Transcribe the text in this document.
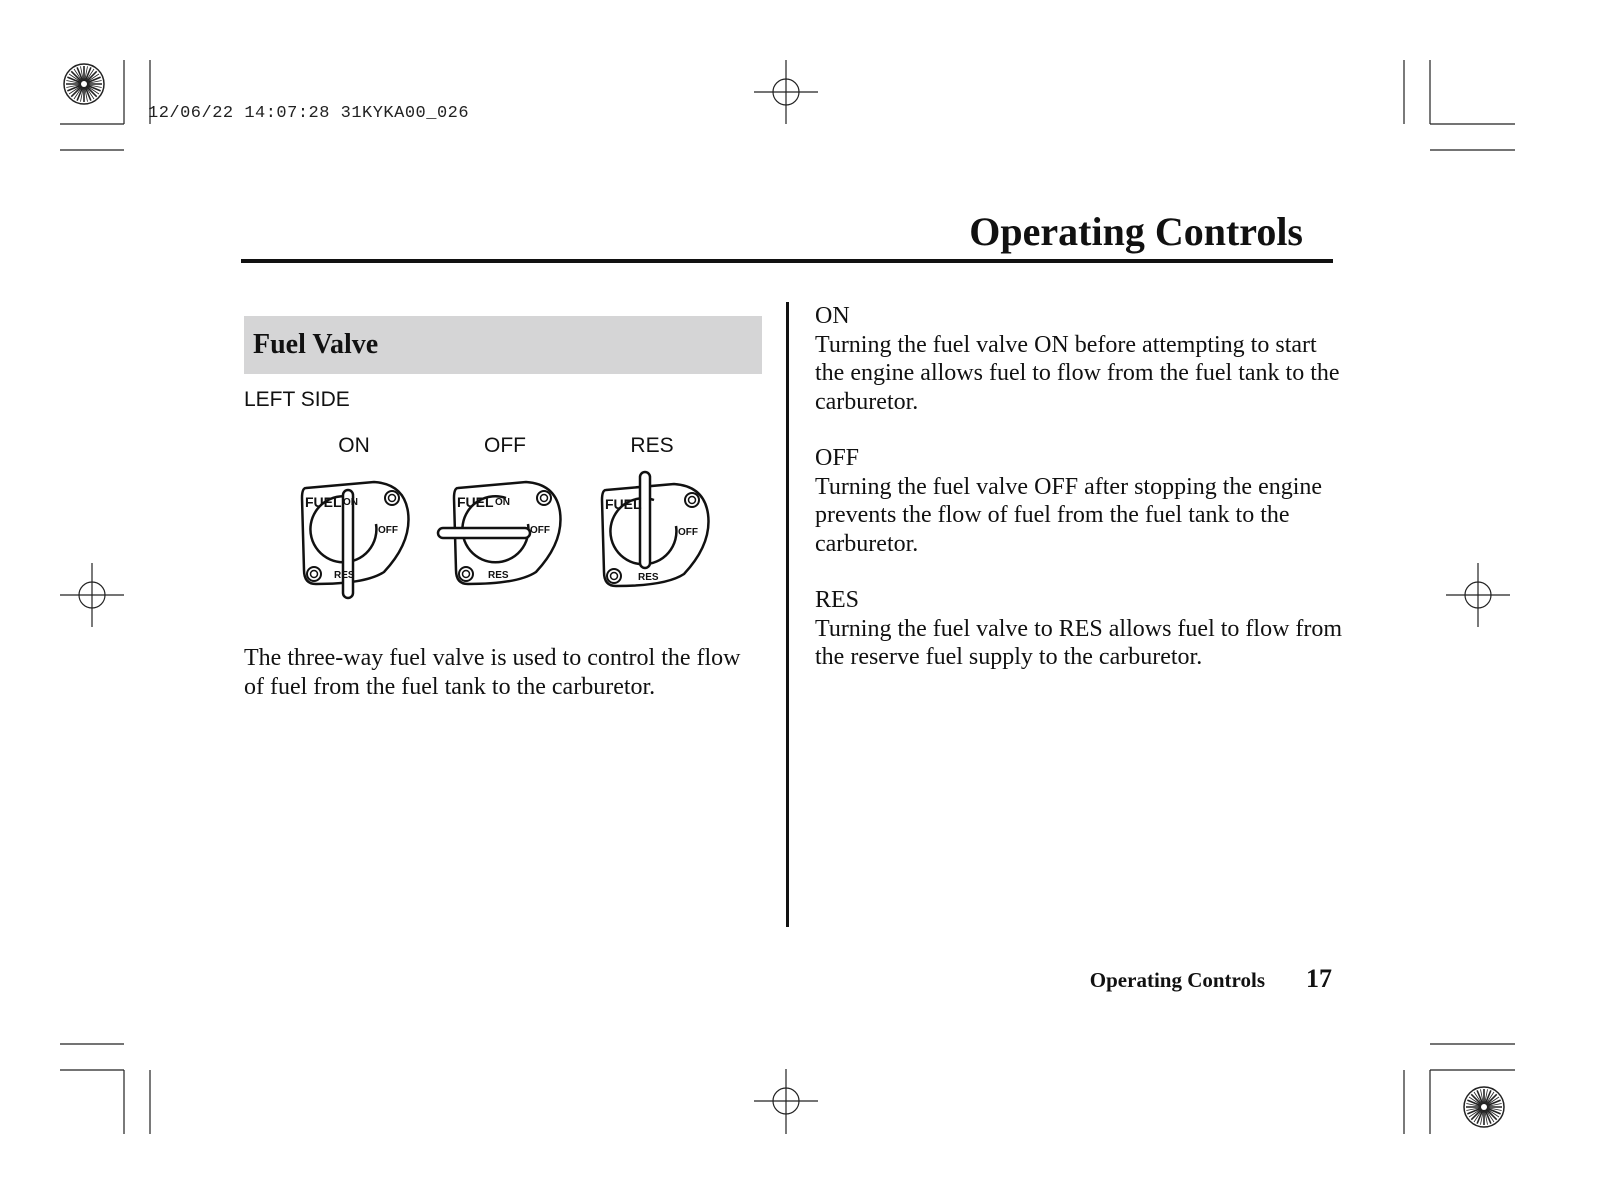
12/06/22 14:07:28 31KYKA00_026
Operating Controls
Fuel Valve
LEFT SIDE
ON	OFF	RES
FUEL ON
OFF
RES
FUEL ON
OFF
RES
FUEL
OFF
RES
The three-way fuel valve is used to control the flow of fuel from the fuel tank to the carburetor.
ON
Turning the fuel valve ON before attempting to start the engine allows fuel to flow from the fuel tank to the carburetor.
OFF
Turning the fuel valve OFF after stopping the engine prevents the flow of fuel from the fuel tank to the carburetor.
RES
Turning the fuel valve to RES allows fuel to flow from the reserve fuel supply to the carburetor.
Operating Controls 17
